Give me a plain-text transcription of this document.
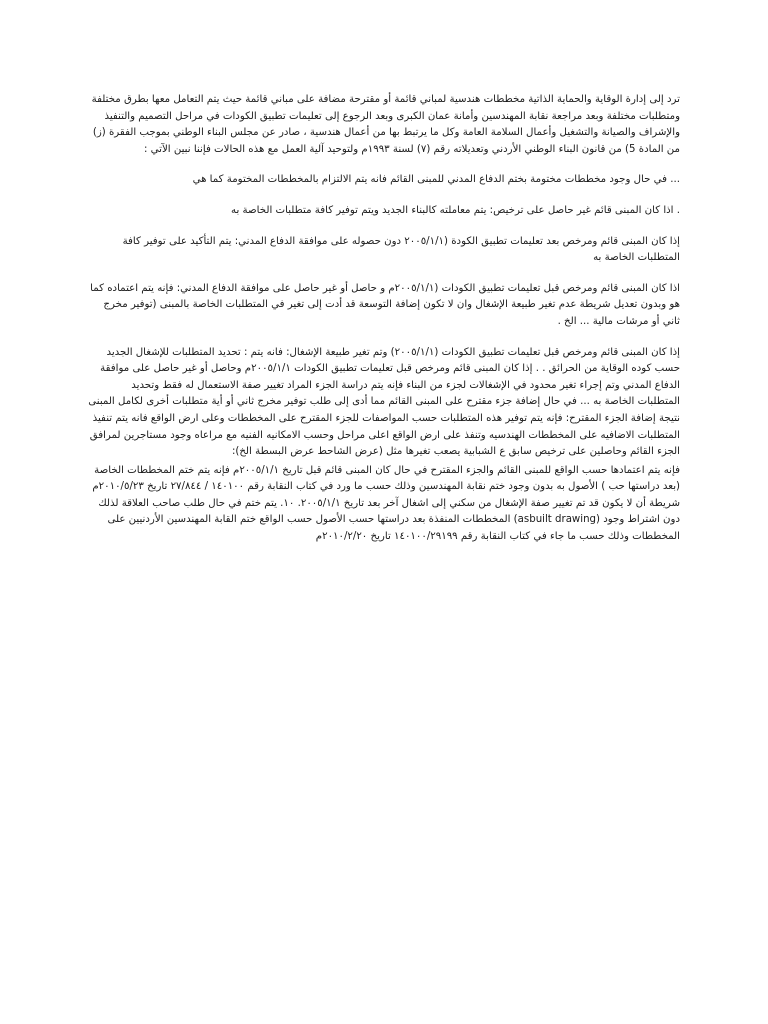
ترد إلى إدارة الوقاية والحماية الذاتية مخططات هندسية لمباني قائمة أو مقترحة مضافة على مباني قائمة حيث يتم التعامل معها بطرق مختلفة ومتطلبات مختلفة وبعد مراجعة نقابة المهندسين وأمانة عمان الكبرى وبعد الرجوع إلى تعليمات تطبيق الكودات في مراحل التصميم والتنفيذ والإشراف والصيانة والتشغيل وأعمال السلامة العامة وكل ما يرتبط بها من أعمال هندسية ، صادر عن مجلس البناء الوطني بموجب الفقرة (ز) من المادة 5) من قانون البناء الوطني الأردني وتعديلاته رقم (٧) لسنة ١٩٩٣م ولتوحيد آلية العمل مع هذه الحالات فإننا نبين الآتي :

... في حال وجود مخططات مختومة بختم الدفاع المدني للمبنى القائم فانه يتم الالتزام بالمخططات المختومة كما هي

. اذا كان المبنى قائم غير حاصل على ترخيص: يتم معاملته كالبناء الجديد ويتم توفير كافة متطلبات الخاصة به

إذا كان المبنى قائم ومرخص بعد تعليمات تطبيق الكودة (٢٠٠٥/١/١ دون حصوله على موافقة الدفاع المدني: يتم التأكيد على توفير كافة المتطلبات الخاصة به

اذا كان المبنى قائم ومرخص قبل تعليمات تطبيق الكودات (٢٠٠٥/١/١م و حاصل أو غير حاصل على موافقة الدفاع المدني: فإنه يتم اعتماده كما هو وبدون تعديل شريطة عدم تغير طبيعة الإشغال وان لا تكون إضافة التوسعة قد أدت إلى تغير في المتطلبات الخاصة بالمبنى (توفير مخرج ثاني أو مرشات مالية ... الخ .

إذا كان المبنى قائم ومرخص قبل تعليمات تطبيق الكودات (٢٠٠٥/١/١) وتم تغير طبيعة الإشغال: فانه يتم : تحديد المتطلبات للإشغال الجديد حسب كوده الوقاية من الحرائق . . إذا كان المبنى قائم ومرخص قبل تعليمات تطبيق الكودات ٢٠٠٥/١/١م وحاصل أو غير حاصل على موافقة الدفاع المدني وتم إجراء تغير محدود في الإشغالات لجزء من البناء فإنه يتم دراسة الجزء المراد تغيير صفة الاستعمال له فقط وتحديد المتطلبات الخاصة به ... في حال إضافة جزء مقترح على المبنى القائم مما أدى إلى طلب توفير مخرج ثاني أو أية متطلبات أخرى لكامل المبنى نتيجة إضافة الجزء المقترح: فإنه يتم توفير هذه المتطلبات حسب المواصفات للجزء المقترح على المخططات وعلى ارض الواقع فانه يتم تنفيذ المتطلبات الاضافيه على المخططات الهندسيه وتنفذ على ارض الواقع اعلى مراحل وحسب الامكانيه الفنيه مع مراعاه وجود مستاجرين لمرافق الجزء القائم وحاصلين على ترخيص سابق ع الشبابية يصعب تغيرها مثل (عرض الشاحط عرض البسطة الخ):

فإنه يتم اعتمادها حسب الواقع للمبنى القائم والجزء المقترح في حال كان المبنى قائم قبل تاريخ ٢٠٠٥/١/١م فإنه يتم ختم المخططات الخاصة (بعد دراستها حب ) الأصول به بدون وجود ختم نقابة المهندسين وذلك حسب ما ورد في كتاب النقابة رقم ١٤٠١٠٠ / ٢٧/٨٤٤ تاريخ ٢٠١٠/٥/٢٣م شريطة أن لا يكون قد تم تغيير صفة الإشغال من سكني إلى اشغال آخر بعد تاريخ ٢٠٠٥/١/١. ١٠. يتم ختم في حال طلب صاحب العلاقة لذلك دون اشتراط وجود (asbuilt drawing) المخططات المنفذة بعد دراستها حسب الأصول حسب الواقع ختم القابة المهندسين الأردنيين على المخططات وذلك حسب ما جاء في كتاب النقابة رقم ١٤٠١٠٠/٢٩١٩٩ تاريخ ٢٠١٠/٢/٢٠م
